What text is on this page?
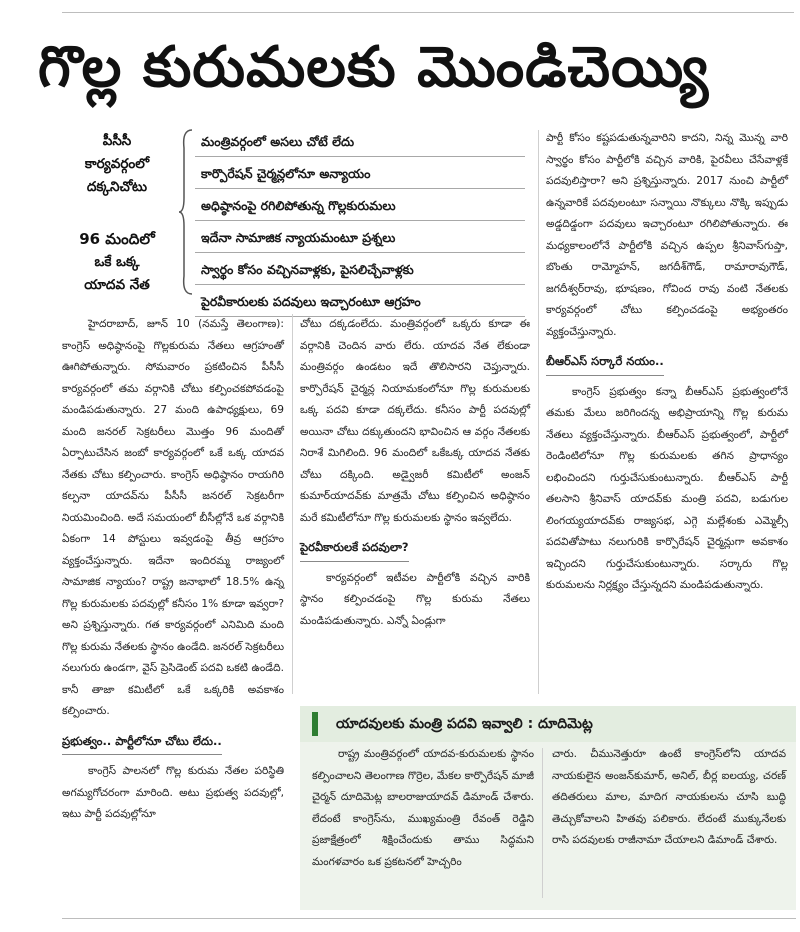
గొల్ల కురుమలకు మొండిచెయ్యి
పీసీసీ
కార్యవర్గంలో
దక్కనిచోటు
96 మందిలో
ఒకే ఒక్క
యాదవ నేత
మంత్రివర్గంలో అసలు చోటే లేదు
కార్పొరేషన్ చైర్మన్లలోనూ అన్యాయం
అధిష్ఠానంపై రగిలిపోతున్న గొల్లకురుమలు
ఇదేనా సామాజిక న్యాయమంటూ ప్రశ్నలు
స్వార్థం కోసం వచ్చినవాళ్లకు, పైసలిచ్చేవాళ్లకు
పైరవీకారులకు పదవులు ఇచ్చారంటూ ఆగ్రహం

హైదరాబాద్, జూన్ 10 (నమస్తే తెలంగాణ): కాంగ్రెస్ అధిష్ఠానంపై గొల్లకురుమ నేతలు ఆగ్రహంతో ఊగిపోతున్నారు. సోమవారం ప్రకటించిన పీసీసీ కార్యవర్గంలో తమ వర్గానికి చోటు కల్పించకపోవడంపై మండిపడుతున్నారు. 27 మంది ఉపాధ్యక్షులు, 69 మంది జనరల్ సెక్రటరీలు మొత్తం 96 మందితో ఏర్పాటుచేసిన జంబో కార్యవర్గంలో ఒకే ఒక్క యాదవ నేతకు చోటు కల్పించారు. కాంగ్రెస్ అధిష్ఠానం రాయగిరి కల్పనా యాదవ్‌ను పీసీసీ జనరల్ సెక్రటరీగా నియమించింది. అదే సమయంలో బీసీల్లోనే ఒక వర్గానికి ఏకంగా 14 పోస్టులు ఇవ్వడంపై తీవ్ర ఆగ్రహం వ్యక్తంచేస్తున్నారు. ఇదేనా ఇందిరమ్మ రాజ్యంలో సామాజిక న్యాయం? రాష్ట్ర జనాభాలో 18.5% ఉన్న గొల్ల కురుమలకు పదవుల్లో కనీసం 1% కూడా ఇవ్వరా? అని ప్రశ్నిస్తున్నారు. గత కార్యవర్గంలో ఎనిమిది మంది గొల్ల కురుమ నేతలకు స్థానం ఉండేది. జనరల్ సెక్రటరీలు నలుగురు ఉండగా, వైస్ ప్రెసిడెంట్ పదవి ఒకటి ఉండేది. కానీ తాజా కమిటీలో ఒకే ఒక్కరికి అవకాశం కల్పించారు.

ప్రభుత్వం.. పార్టీలోనూ చోటు లేదు..

కాంగ్రెస్ పాలనలో గొల్ల కురుమ నేతల పరిస్థితి అగమ్యగోచరంగా మారింది. అటు ప్రభుత్వ పదవుల్లో, ఇటు పార్టీ పదవుల్లోనూ

చోటు దక్కడంలేదు. మంత్రివర్గంలో ఒక్కరు కూడా ఈ వర్గానికి చెందిన వారు లేరు. యాదవ నేత లేకుండా మంత్రివర్గం ఉండటం ఇదే తొలిసారని చెప్తున్నారు. కార్పొరేషన్ చైర్మన్ల నియామకంలోనూ గొల్ల కురుమలకు ఒక్క పదవి కూడా దక్కలేదు. కనీసం పార్టీ పదవుల్లో అయినా చోటు దక్కుతుందని భావించిన ఆ వర్గం నేతలకు నిరాశే మిగిలింది. 96 మందిలో ఒకేఒక్క యాదవ నేతకు చోటు దక్కింది. అడ్వైజరీ కమిటీలో అంజన్ కుమార్‌యాదవ్‌కు మాత్రమే చోటు కల్పించిన అధిష్ఠానం మరే కమిటీలోనూ గొల్ల కురుమలకు స్థానం ఇవ్వలేదు.

పైరవీకారులకే పదవులా?

కార్యవర్గంలో ఇటీవల పార్టీలోకి వచ్చిన వారికి స్థానం కల్పించడంపై గొల్ల కురుమ నేతలు మండిపడుతున్నారు. ఎన్నో ఏండ్లుగా

పార్టీ కోసం కష్టపడుతున్నవారిని కాదని, నిన్న మొన్న వారి స్వార్థం కోసం పార్టీలోకి వచ్చిన వారికి, పైరవీలు చేసేవాళ్లకే పదవులిస్తారా? అని ప్రశ్నిస్తున్నారు. 2017 నుంచి పార్టీలో ఉన్నవారికే పదవులంటూ సన్నాయి నొక్కులు నొక్కి ఇప్పుడు అడ్డదిడ్డంగా పదవులు ఇచ్చారంటూ రగిలిపోతున్నారు. ఈ మధ్యకాలంలోనే పార్టీలోకి వచ్చిన ఉప్పల శ్రీనివాస్‌గుప్తా, బొంతు రామ్మోహన్, జగదీశ్‌గౌడ్, రామారావుగౌడ్, జగదీశ్వర్‌రావు, భూషణం, గోవింద రావు వంటి నేతలకు కార్యవర్గంలో చోటు కల్పించడంపై అభ్యంతరం వ్యక్తంచేస్తున్నారు.

బీఆర్‌ఎస్ సర్కారే నయం..

కాంగ్రెస్ ప్రభుత్వం కన్నా బీఆర్‌ఎస్ ప్రభుత్వంలోనే తమకు మేలు జరిగిందన్న అభిప్రాయాన్ని గొల్ల కురుమ నేతలు వ్యక్తంచేస్తున్నారు. బీఆర్‌ఎస్ ప్రభుత్వంలో, పార్టీలో రెండింటిలోనూ గొల్ల కురుమలకు తగిన ప్రాధాన్యం లభించిందని గుర్తుచేసుకుంటున్నారు. బీఆర్‌ఎస్ పార్టీ తలసాని శ్రీనివాస్ యాదవ్‌కు మంత్రి పదవి, బడుగుల లింగయ్యయాదవ్‌కు రాజ్యసభ, ఎగ్గె మల్లేశంకు ఎమ్మెల్సీ పదవితోపాటు నలుగురికి కార్పొరేషన్ చైర్మన్లుగా అవకాశం ఇచ్చిందని గుర్తుచేసుకుంటున్నారు. సర్కారు గొల్ల కురుమలను నిర్లక్ష్యం చేస్తున్నదని మండిపడుతున్నారు.

యాదవులకు మంత్రి పదవి ఇవ్వాలి : దూదిమెట్ల

రాష్ట్ర మంత్రివర్గంలో యాదవ-కురుమలకు స్థానం కల్పించాలని తెలంగాణ గొర్రెల, మేకల కార్పొరేషన్ మాజీ చైర్మన్ దూదిమెట్ల బాలరాజుయాదవ్ డిమాండ్ చేశారు. లేదంటే కాంగ్రెస్‌ను, ముఖ్యమంత్రి రేవంత్ రెడ్డిని ప్రజాక్షేత్రంలో శిక్షించేందుకు తాము సిద్ధమని మంగళవారం ఒక ప్రకటనలో హెచ్చరిం

చారు. చీమునెత్తురూ ఉంటే కాంగ్రెస్‌లోని యాదవ నాయకులైన అంజన్‌కుమార్, అనిల్, బీర్ల ఐలయ్య, చరణ్ తదితరులు మాల, మాదిగ నాయకులను చూసి బుద్ధి తెచ్చుకోవాలని హితవు పలికారు. లేదంటే ముక్కునేలకు రాసి పదవులకు రాజీనామా చేయాలని డిమాండ్ చేశారు.
